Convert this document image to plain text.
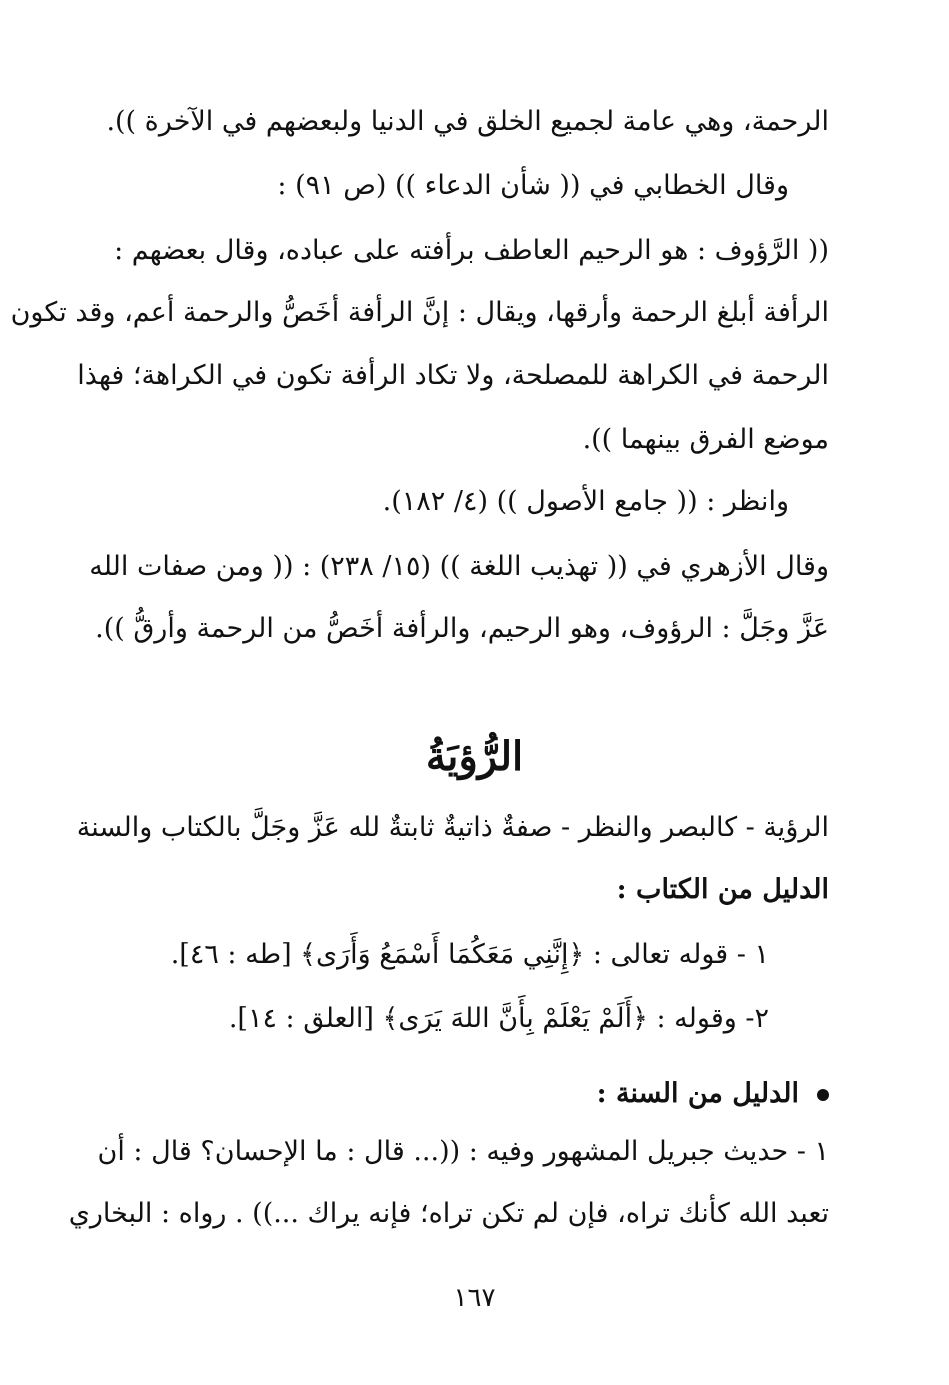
الرحمة، وهي عامة لجميع الخلق في الدنيا ولبعضهم في الآخرة )).
وقال الخطابي في (( شأن الدعاء )) (ص ٩١) :
(( الرَّؤوف : هو الرحيم العاطف برأفته على عباده، وقال بعضهم :
الرأفة أبلغ الرحمة وأرقها، ويقال : إنَّ الرأفة أخَصُّ والرحمة أعم، وقد تكون
الرحمة في الكراهة للمصلحة، ولا تكاد الرأفة تكون في الكراهة؛ فهذا
موضع الفرق بينهما )).
وانظر : (( جامع الأصول )) (٤/ ١٨٢).
وقال الأزهري في (( تهذيب اللغة )) (١٥/ ٢٣٨) : (( ومن صفات الله
عَزَّ وجَلَّ : الرؤوف، وهو الرحيم، والرأفة أخَصُّ من الرحمة وأرقُّ )).
الرُّؤيَةُ
الرؤية - كالبصر والنظر - صفةٌ ذاتيةٌ ثابتةٌ لله عَزَّ وجَلَّ بالكتاب والسنة
الدليل من الكتاب :
١ - قوله تعالى : ﴿إِنَّنِي مَعَكُمَا أَسْمَعُ وَأَرَى﴾ [طه : ٤٦].
٢- وقوله : ﴿أَلَمْ يَعْلَمْ بِأَنَّ اللهَ يَرَى﴾ [العلق : ١٤].
الدليل من السنة :
١ - حديث جبريل المشهور وفيه : ((... قال : ما الإحسان؟ قال : أن
تعبد الله كأنك تراه، فإن لم تكن تراه؛ فإنه يراك ...)) . رواه : البخاري
١٦٧
